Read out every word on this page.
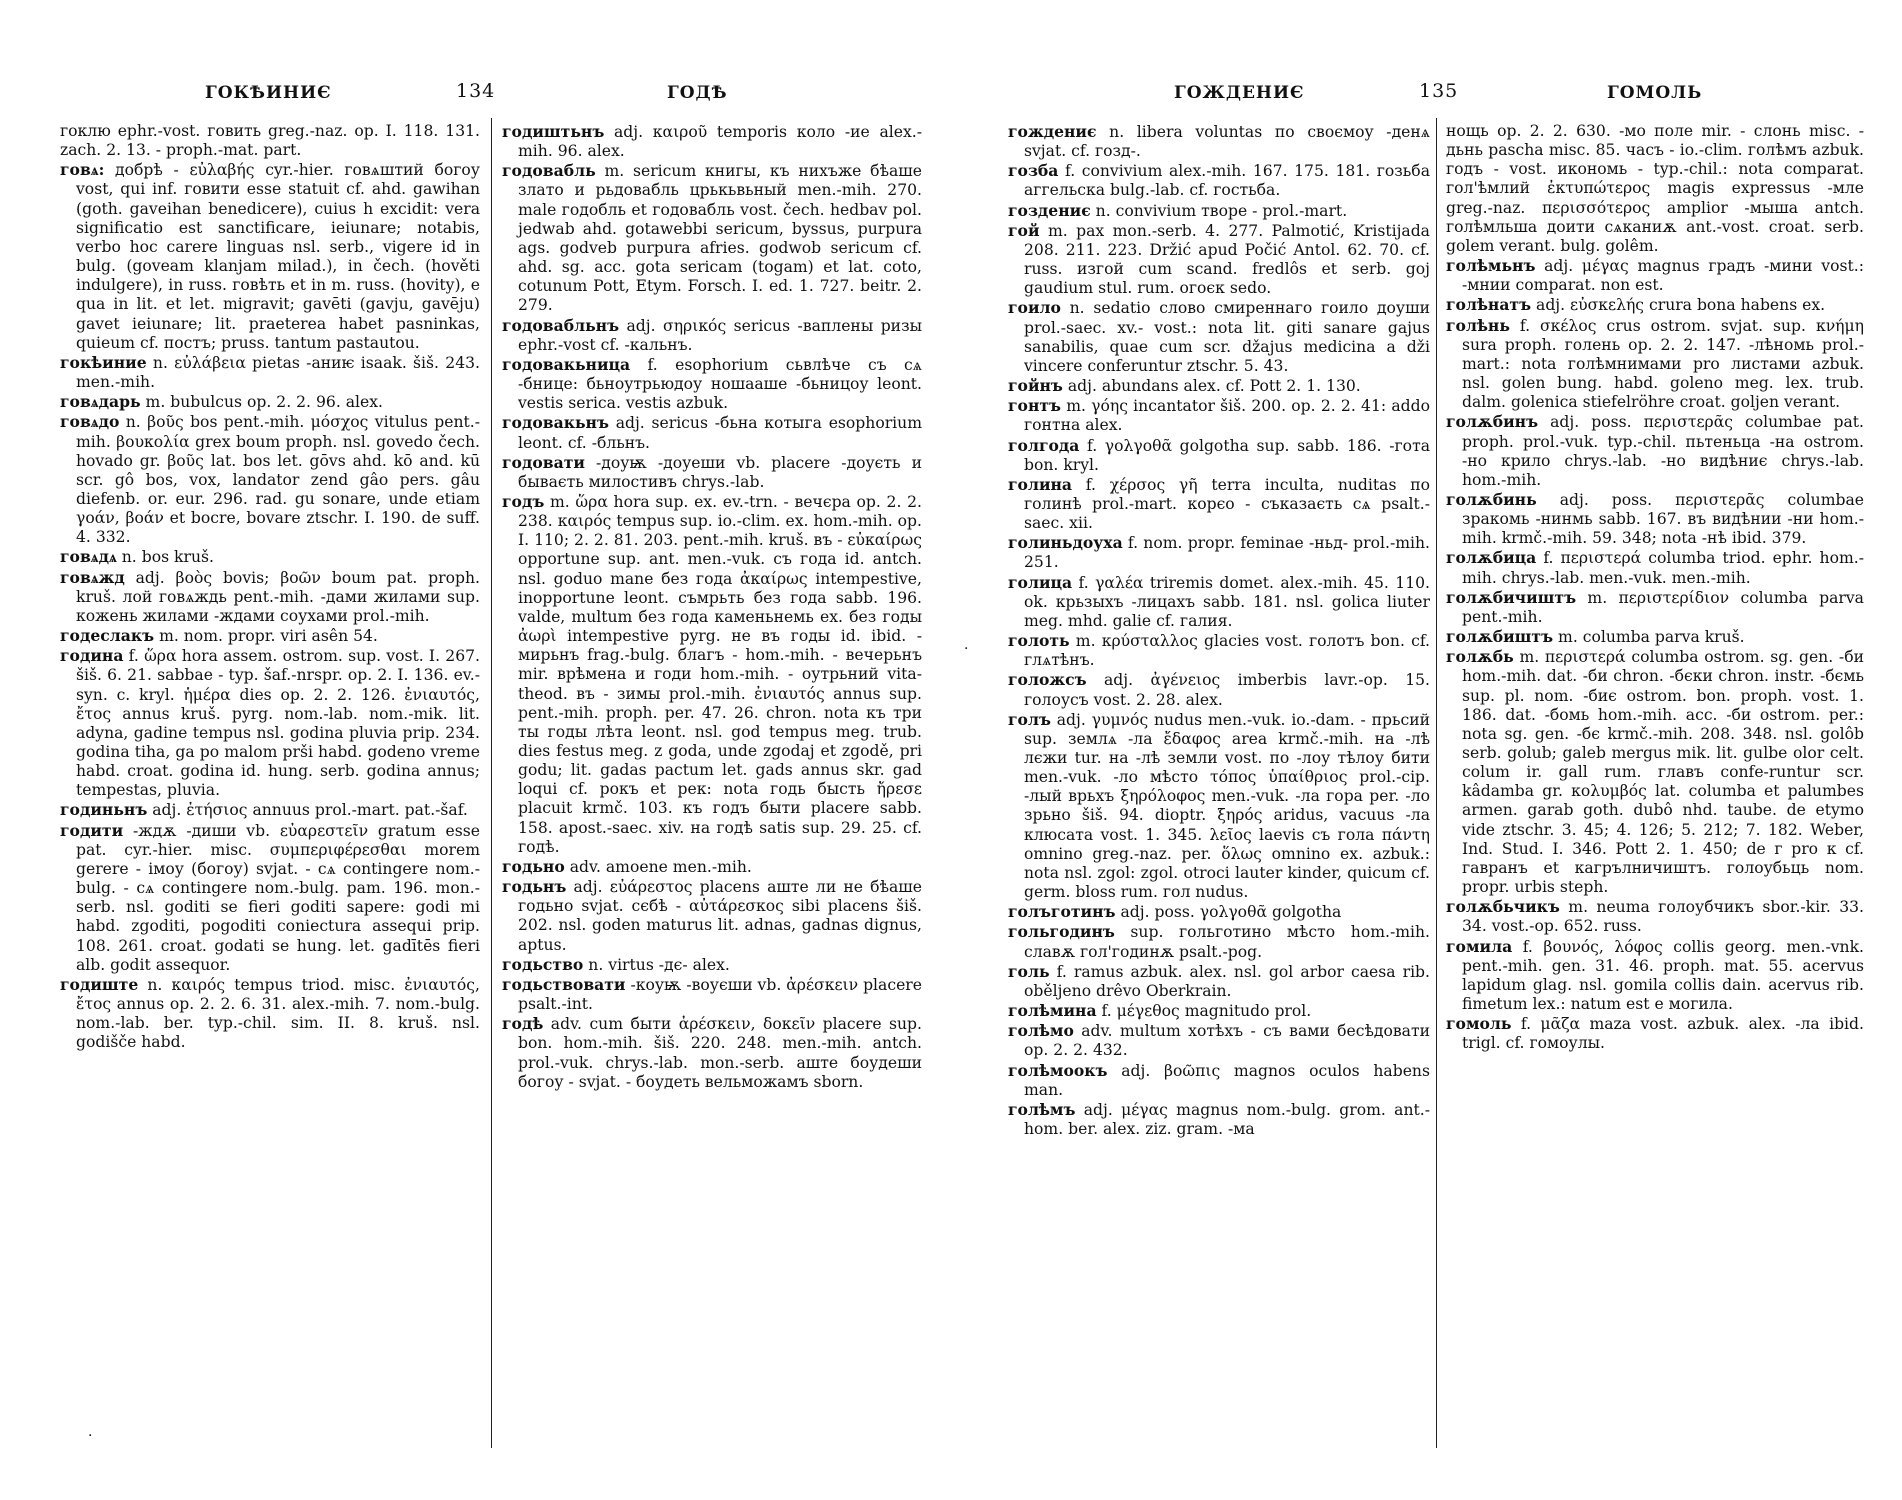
ГОКѢИНИЄ	134	ГОДѢ

гоклю ephr.-vost. говить greg.-naz. op. I. 118. 131. zach. 2. 13. - proph.-mat. part.

говѧ: добрѣ - εὐλαβής cyr.-hier. говѧштий богоу vost, qui inf. говити esse statuit cf. ahd. gawihan (goth. gaveihan benedicere), cuius h excidit: vera significatio est sanctificare, ieiunare; notabis, verbo hoc carere linguas nsl. serb., vigere id in bulg. (goveam klanjam milad.), in čech. (hověti indulgere), in russ. говѣть et in m. russ. (hovity), e qua in lit. et let. migravit; gavēti (gavju, gavēju) gavet ieiunare; lit. praeterea habet pasninkas, quieum cf. постъ; pruss. tantum pastautou.

гокѣиние n. εὐλάβεια pietas -аниѥ isaak. šiš. 243. men.-mih.

говѧдарь m. bubulcus op. 2. 2. 96. alex.

говѧдо n. βοῦς bos pent.-mih. μόσχος vitulus pent.-mih. βουκολία grex boum proph. nsl. govedo čech. hovado gr. βοῦς lat. bos let. gōvs ahd. kō and. kū scr. gô bos, vox, landator zend gâo pers. gâu diefenb. or. eur. 296. rad. gu sonare, unde etiam γοάν, βοάν et bocre, bovare ztschr. I. 190. de suff. 4. 332.

говѧдѧ n. bos kruš.

говѧжд adj. βοὸς bovis; βοῶν boum pat. proph. kruš. лой говѧждь pent.-mih. -дами жилами sup. кожень жилами -ждами соухами prol.-mih.

годеслакъ m. nom. propr. viri asên 54.

година f. ὥρα hora assem. ostrom. sup. vost. I. 267. šiš. 6. 21. sabbae - typ. šaf.-nrspr. op. 2. I. 136. ev.-syn. c. kryl. ἡμέρα dies op. 2. 2. 126. ἐνιαυτός, ἔτος annus kruš. pyrg. nom.-lab. nom.-mik. lit. adyna, gadine tempus nsl. godina pluvia prip. 234. godina tiha, ga po malom prši habd. godeno vreme habd. croat. godina id. hung. serb. godina annus; tempestas, pluvia.

годиньнъ adj. ἐτήσιος annuus prol.-mart. pat.-šaf.

годити -ждѫ -диши vb. εὐαρεστεῖν gratum esse pat. cyr.-hier. misc. συμπεριφέρεσθαι morem gerere - імоу (богоу) svjat. - сѧ contingere nom.-bulg. - сѧ contingere nom.-bulg. pam. 196. mon.-serb. nsl. goditi se fieri goditi sapere: godi mi habd. zgoditi, pogoditi coniectura assequi prip. 108. 261. croat. godati se hung. let. gadītēs fieri alb. godit assequor.

годиште n. καιρός tempus triod. misc. ἐνιαυτός, ἔτος annus op. 2. 2. 6. 31. alex.-mih. 7. nom.-bulg. nom.-lab. ber. typ.-chil. sim. II. 8. kruš. nsl. godišče habd.

годиштьнъ adj. καιροῦ temporis коло -ие alex.-mih. 96. alex.

годовабль m. sericum книгы, къ нихъже бѣаше злато и рьдовабль црькьвьный men.-mih. 270. male годобль et годовабль vost. čech. hedbav pol. jedwab ahd. gotawebbi sericum, byssus, purpura ags. godveb purpura afries. godwob sericum cf. ahd. sg. acc. gota sericam (togam) et lat. coto, cotunum Pott, Etym. Forsch. I. ed. 1. 727. beitr. 2. 279.

годовабльнъ adj. σηρικός sericus -ваплены ризы ephr.-vost cf. -кальнъ.

годовакьница f. esophorium сьвлѣче съ сѧ -бнице: бьноутрьюдоу ношааше -бьницоу leont. vestis serica. vestis azbuk.

годовакьнъ adj. sericus -бьна котыга esophorium leont. cf. -бльнъ.

годовати -доуѭ -доуеши vb. placere -доуєть и бываєть милостивъ chrys.-lab.

годъ m. ὥρα hora sup. ex. ev.-trn. - вечєра op. 2. 2. 238. καιρός tempus sup. io.-clim. ex. hom.-mih. op. I. 110; 2. 2. 81. 203. pent.-mih. kruš. въ - εὐκαίρως opportune sup. ant. men.-vuk. съ года id. antch. nsl. goduo mane без года ἀκαίρως intempestive, inopportune leont. съмрьть без года sabb. 196. valde, multum без года каменьнемь ex. без годы ἀωρὶ intempestive pyrg. не въ годы id. ibid. - мирьнъ frag.-bulg. благъ - hom.-mih. - вечерьнъ mir. врѣмена и годи hom.-mih. - оутрьний vita-theod. въ - зимы prol.-mih. ἐνιαυτός annus sup. pent.-mih. proph. per. 47. 26. chron. nota къ три ты годы лѣта leont. nsl. god tempus meg. trub. dies festus meg. z goda, unde zgodaj et zgodě, pri godu; lit. gadas pactum let. gads annus skr. gad loqui cf. рокъ et рек: nota годь бысть ἤρεσε placuit krmč. 103. къ годъ быти placere sabb. 158. apost.-saec. xiv. на годѣ satis sup. 29. 25. cf. годѣ.

годьно adv. amoene men.-mih.

годьнъ adj. εὐάρεστος placens аште ли не бѣаше годьно svjat. сєбѣ - αὐτάρεσκος sibi placens šiš. 202. nsl. goden maturus lit. adnas, gadnas dignus, aptus.

годьство n. virtus -дє- alex.

годьствовати -коуѭ -воуєши vb. ἀρέσκειν placere psalt.-int.

годѣ adv. cum быти ἀρέσκειν, δοκεῖν placere sup. bon. hom.-mih. šiš. 220. 248. men.-mih. antch. prol.-vuk. chrys.-lab. mon.-serb. аште боудеши богоу - svjat. - боудеть вельможамъ sborn.

·
·
ГОЖДЕНИЄ	135	ГОМОЛЬ

гождениє n. libera voluntas по своємоу -денѧ svjat. cf. гозд-.

гозба f. convivium alex.-mih. 167. 175. 181. гозьба аггельска bulg.-lab. cf. гостьба.

гоздениє n. convivium творе - prol.-mart.

гой m. pax mon.-serb. 4. 277. Palmotić, Kristijada 208. 211. 223. Držić apud Počić Antol. 62. 70. cf. russ. изгой cum scand. fredlôs et serb. goj gaudium stul. rum. огоєк sedo.

гоило n. sedatio слово смиреннаго гоило доуши prol.-saec. xv.- vost.: nota lit. giti sanare gajus sanabilis, quae cum scr. džajus medicina a dži vincere conferuntur ztschr. 5. 43.

гойнъ adj. abundans alex. cf. Pott 2. 1. 130.

гонтъ m. γόης incantator šiš. 200. op. 2. 2. 41: addo гонтна alex.

голгода f. γολγοθᾶ golgotha sup. sabb. 186. -гота bon. kryl.

голина f. χέρσος γῆ terra inculta, nuditas по голинѣ prol.-mart. корєо - съказаєть сѧ psalt.-saec. xii.

голиньдоуха f. nom. propr. feminae -ньд- prol.-mih. 251.

голица f. γαλέα triremis domet. alex.-mih. 45. 110. ok. крьзыхъ -лицахъ sabb. 181. nsl. golica liuter meg. mhd. galie cf. галия.

голоть m. κρύσταλλος glacies vost. голотъ bon. cf. глѧтѣнъ.

голожсъ adj. ἀγένειος imberbis lavr.-op. 15. голоусъ vost. 2. 28. alex.

голъ adj. γυμνός nudus men.-vuk. io.-dam. - прьсий sup. землѧ -ла ἔδαφος area krmč.-mih. на -лѣ лєжи tur. на -лѣ земли vost. по -лоу тѣлоу бити men.-vuk. -ло мѣсто τόπος ὑπαίθριος prol.-cip. -лый врьхъ ξηρόλοφος men.-vuk. -ла гора per. -ло зрьно šiš. 94. dioptr. ξηρός aridus, vacuus -ла клюсата vost. 1. 345. λεῖος laevis съ гола πάντη omnino greg.-naz. per. ὅλως omnino ex. azbuk.: nota nsl. zgol: zgol. otroci lauter kinder, quicum cf. germ. bloss rum. гол nudus.

голъготинъ adj. poss. γολγοθᾶ golgotha

гольгодинъ sup. гольготино мѣсто hom.-mih. славѫ гол'годинѫ psalt.-pog.

голь f. ramus azbuk. alex. nsl. gol arbor caesa rib. oběljeno drêvo Oberkrain.

голѣмина f. μέγεθος magnitudo prol.

голѣмо adv. multum хотѣхъ - съ вами бесѣдовати op. 2. 2. 432.

голѣмоокъ adj. βοῶπις magnos oculos habens man.

голѣмъ adj. μέγας magnus nom.-bulg. grom. ant.-hom. ber. alex. ziz. gram. -ма

нощь op. 2. 2. 630. -мо поле mir. - слонь misc. - дьнь pascha misc. 85. часъ - io.-clim. голѣмъ azbuk. годъ - vost. икономь - typ.-chil.: nota comparat. гол'ѣмлий ἐκτυπώτερος magis expressus -мле greg.-naz. περισσότερος amplior -мыша antch. голѣмльша доити сѧканиѫ ant.-vost. croat. serb. golem verant. bulg. golêm.

голѣмьнъ adj. μέγας magnus градъ -мини vost.: -мнии comparat. non est.

голѣнатъ adj. εὐσκελής crura bona habens ex.

голѣнь f. σκέλος crus ostrom. svjat. sup. κνήμη sura proph. голень op. 2. 2. 147. -лѣномь prol.-mart.: nota голѣмнимами pro листами azbuk. nsl. golen bung. habd. goleno meg. lex. trub. dalm. golenica stiefelröhre croat. goljen verant.

голѫбинъ adj. poss. περιστερᾶς columbae pat. proph. prol.-vuk. typ.-chil. пьтеньца -на ostrom. -но крило chrys.-lab. -но видѣниє chrys.-lab. hom.-mih.

голѫбинь adj. poss. περιστερᾶς columbae зракомь -нинмь sabb. 167. въ видѣнии -ни hom.-mih. krmč.-mih. 59. 348; nota -нѣ ibid. 379.

голѫбица f. περιστερά columba triod. ephr. hom.-mih. chrys.-lab. men.-vuk. men.-mih.

голѫбичиштъ m. περιστερίδιον columba parva pent.-mih.

голѫбиштъ m. columba parva kruš.

голѫбь m. περιστερά columba ostrom. sg. gen. -би hom.-mih. dat. -би chron. -бєки chron. instr. -бємь sup. pl. nom. -биє ostrom. bon. proph. vost. 1. 186. dat. -бомь hom.-mih. acc. -би ostrom. per.: nota sg. gen. -бє krmč.-mih. 208. 348. nsl. golôb serb. golub; galeb mergus mik. lit. gulbe olor celt. colum ir. gall rum. главъ confe-runtur scr. kâdamba gr. κολυμβός lat. columba et palumbes armen. garab goth. dubô nhd. taube. de etymo vide ztschr. 3. 45; 4. 126; 5. 212; 7. 182. Weber, Ind. Stud. I. 346. Pott 2. 1. 450; de г pro к cf. гавранъ et кагрълничиштъ. голоубьць nom. propr. urbis steph.

голѫбьчикъ m. neuma голоубчикъ sbor.-kir. 33. 34. vost.-op. 652. russ.

гомила f. βουνός, λόφος collis georg. men.-vnk. pent.-mih. gen. 31. 46. proph. mat. 55. acervus lapidum glag. nsl. gomila collis dain. acervus rib. fimetum lex.: natum est e могила.

гомоль f. μᾶζα maza vost. azbuk. alex. -ла ibid. trigl. cf. гомоулы.
